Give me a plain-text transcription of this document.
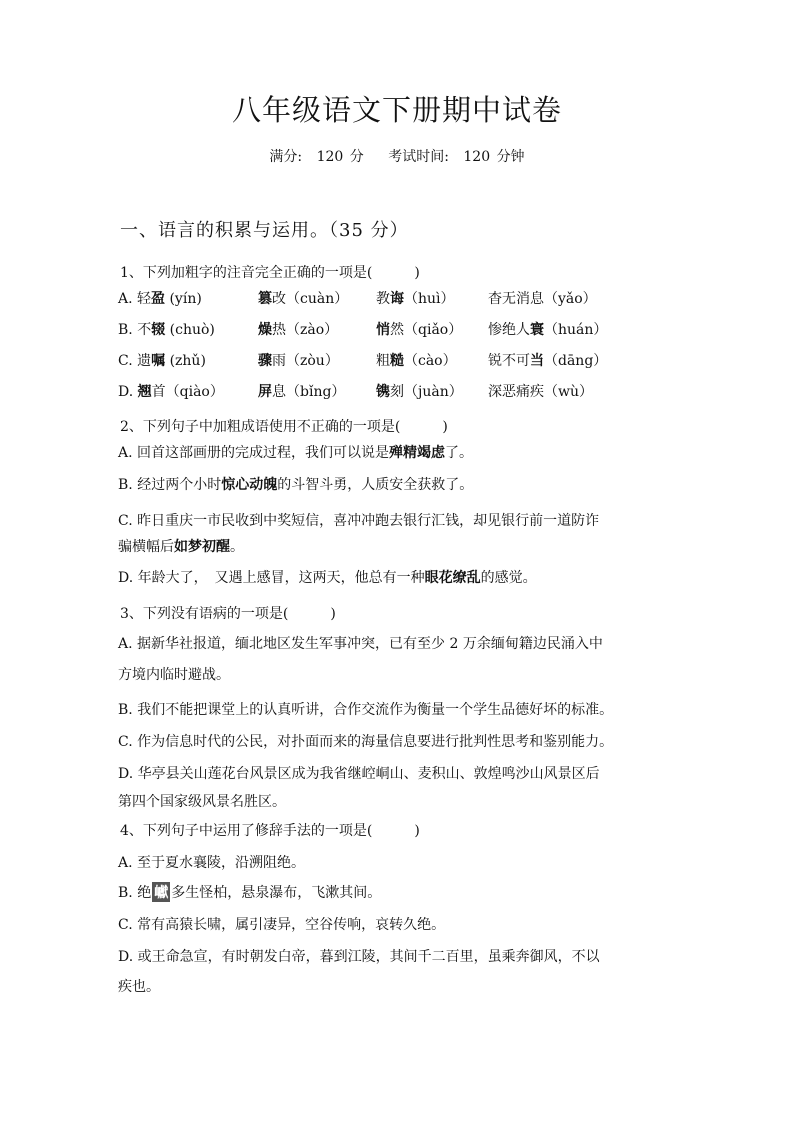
八年级语文下册期中试卷
满分: 120 分 考试时间: 120 分钟
一、语言的积累与运用。（35 分）
1、下列加粗字的注音完全正确的一项是(　　　)
A. 轻盈 (yín)	篡改（cuàn） 教诲（huì） 杳无消息（yǎo）
B. 不辍 (chuò)	燥热（zào）	悄然（qiǎo） 惨绝人寰（huán）
C. 遗嘱 (zhǔ)	骤雨（zòu）	粗糙（cào） 锐不可当（dāng）
D. 翘首（qiào） 屏息（bǐng） 镌刻（juàn） 深恶痛疾（wù）
2、下列句子中加粗成语使用不正确的一项是(　　　)
A. 回首这部画册的完成过程，我们可以说是殚精竭虑了。
B. 经过两个小时惊心动魄的斗智斗勇，人质安全获救了。
C. 昨日重庆一市民收到中奖短信，喜冲冲跑去银行汇钱，却见银行前一道防诈
骗横幅后如梦初醒。
D. 年龄大了，　又遇上感冒，这两天，他总有一种眼花缭乱的感觉。
3、下列没有语病的一项是(　　　)
A. 据新华社报道，缅北地区发生军事冲突，已有至少 2 万余缅甸籍边民涌入中
方境内临时避战。
B. 我们不能把课堂上的认真听讲，合作交流作为衡量一个学生品德好坏的标准。
C. 作为信息时代的公民，对扑面而来的海量信息要进行批判性思考和鉴别能力。
D. 华亭县关山莲花台风景区成为我省继崆峒山、麦积山、敦煌鸣沙山风景区后
第四个国家级风景名胜区。
4、下列句子中运用了修辞手法的一项是(　　　)
A. 至于夏水襄陵，沿溯阻绝。
B. 绝 巘 多生怪柏，悬泉瀑布，飞漱其间。
C. 常有高猿长啸，属引凄异，空谷传响，哀转久绝。
D. 或王命急宣，有时朝发白帝，暮到江陵，其间千二百里，虽乘奔御风，不以
疾也。
